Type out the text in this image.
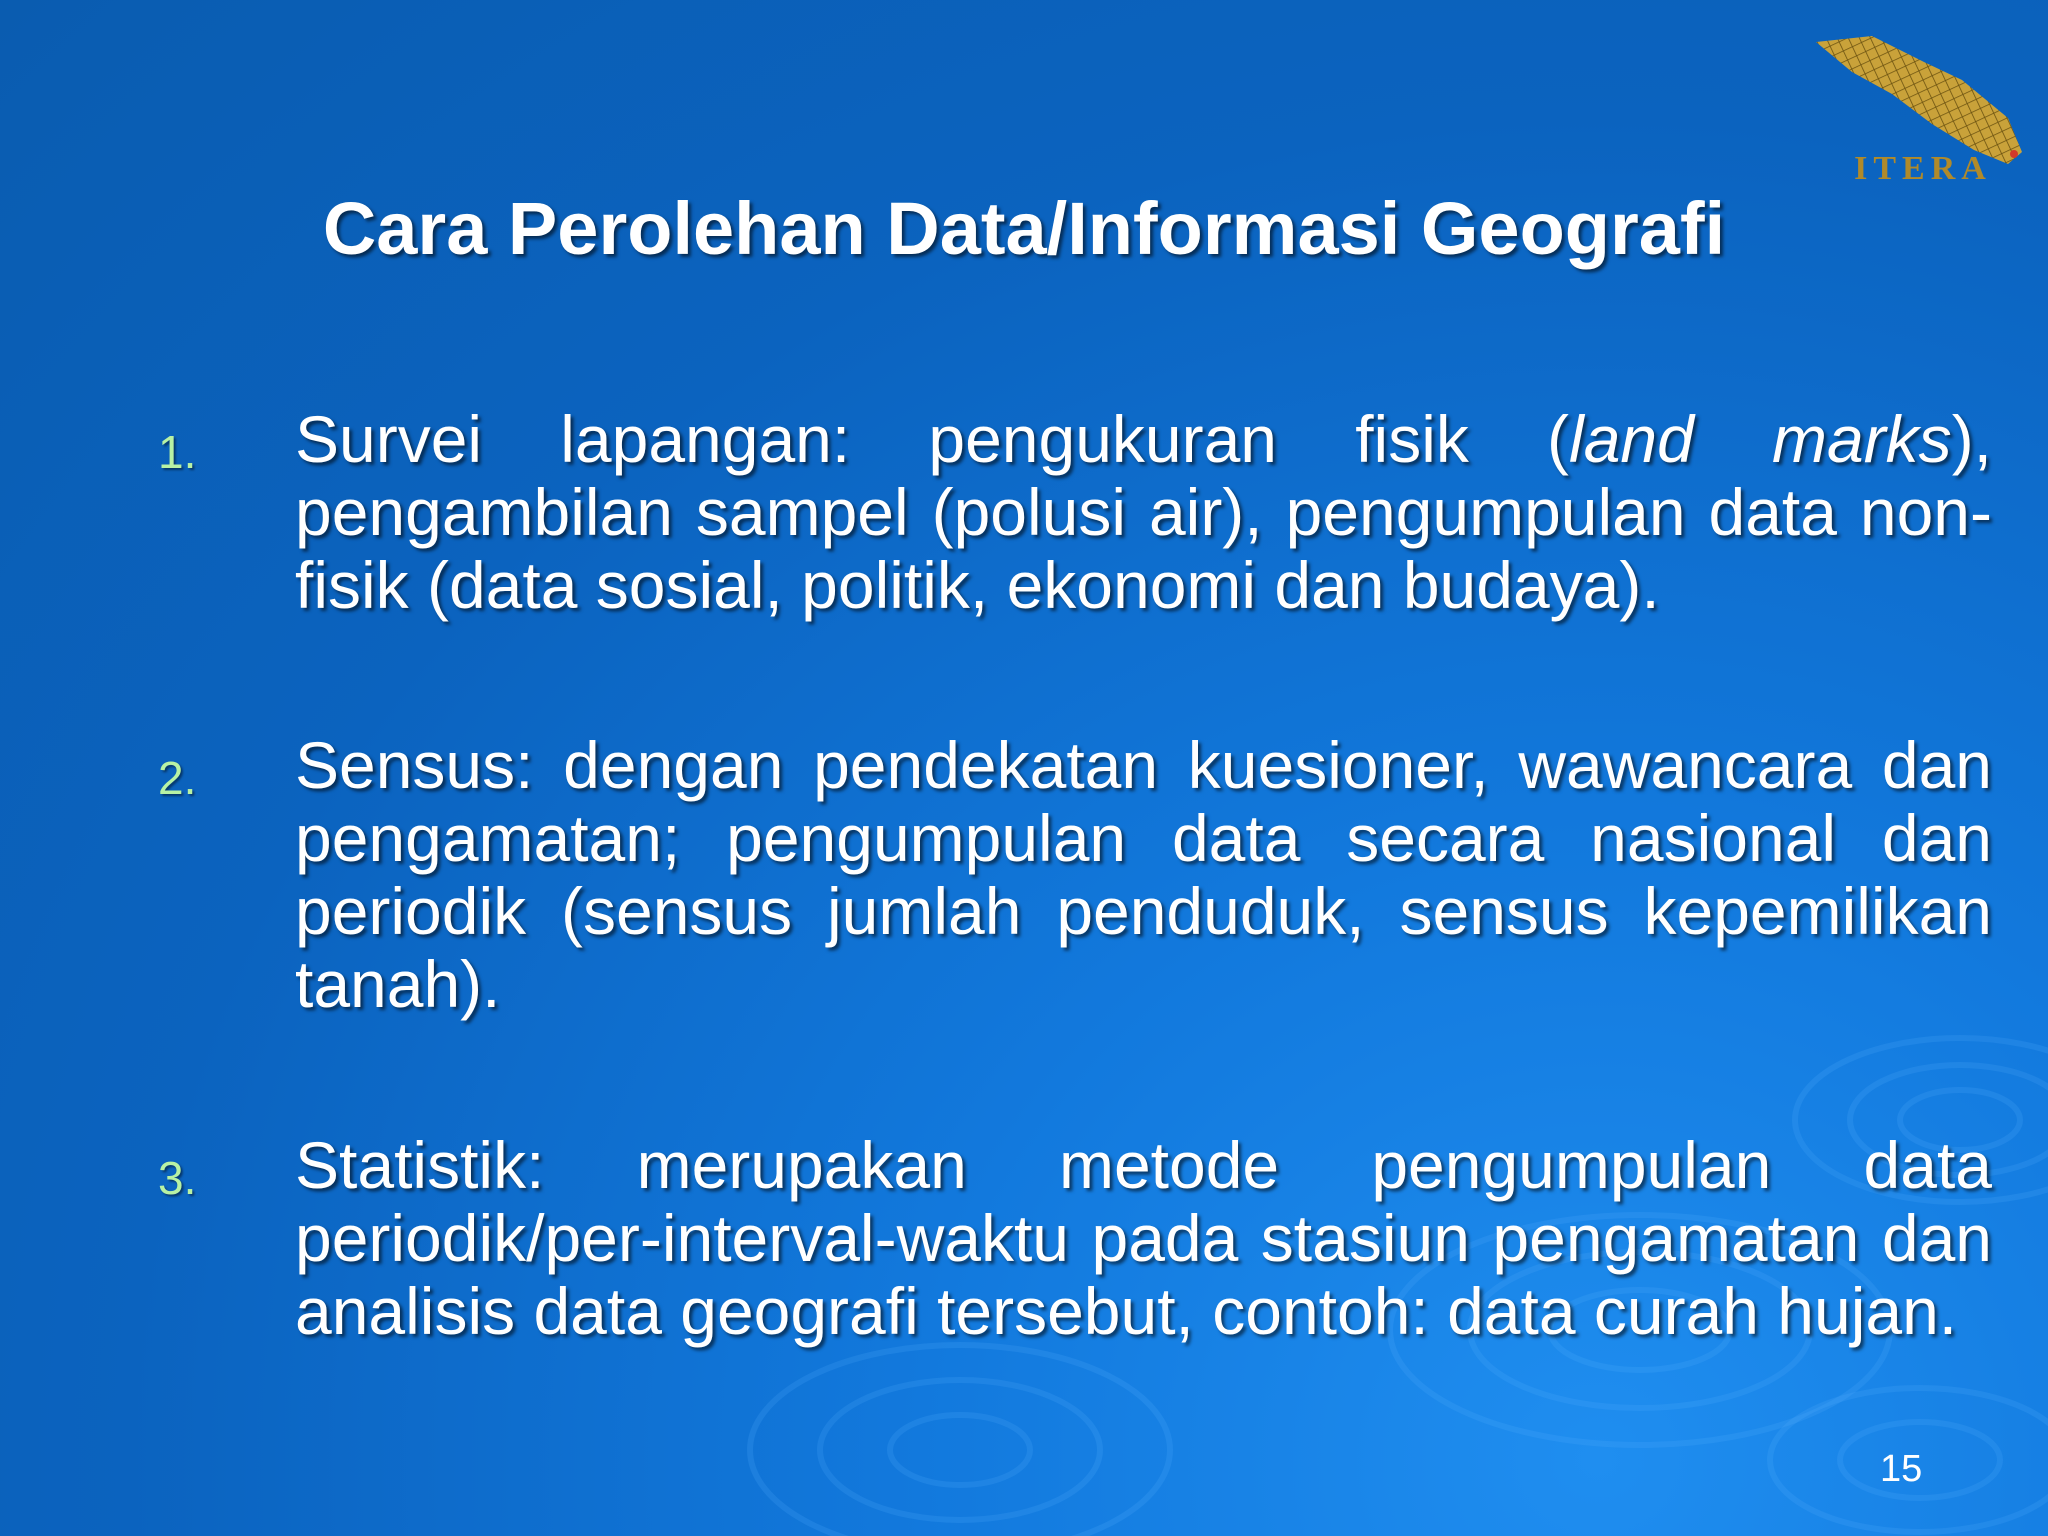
ITERA
Cara Perolehan Data/Informasi Geografi
1. Survei lapangan: pengukuran fisik (land marks), pengambilan sampel (polusi air), pengumpulan data non-fisik (data sosial, politik, ekonomi dan budaya).
2. Sensus: dengan pendekatan kuesioner, wawancara dan pengamatan; pengumpulan data secara nasional dan periodik (sensus jumlah penduduk, sensus kepemilikan tanah).
3. Statistik: merupakan metode pengumpulan data periodik/per-interval-waktu pada stasiun pengamatan dan analisis data geografi tersebut, contoh: data curah hujan.
15
